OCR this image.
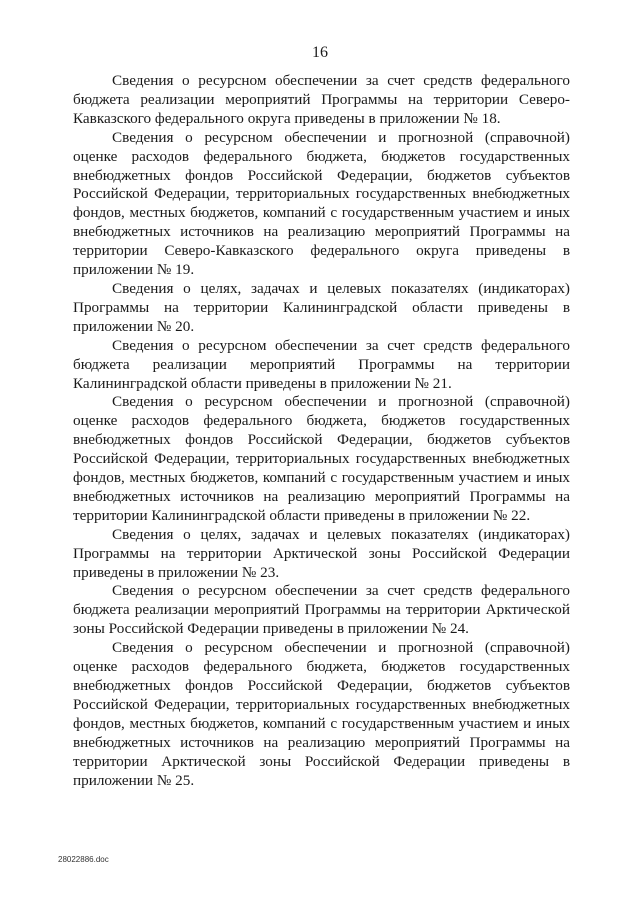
16

Сведения о ресурсном обеспечении за счет средств федерального бюджета реализации мероприятий Программы на территории Северо-Кавказского федерального округа приведены в приложении № 18.

Сведения о ресурсном обеспечении и прогнозной (справочной) оценке расходов федерального бюджета, бюджетов государственных внебюджетных фондов Российской Федерации, бюджетов субъектов Российской Федерации, территориальных государственных внебюджетных фондов, местных бюджетов, компаний с государственным участием и иных внебюджетных источников на реализацию мероприятий Программы на территории Северо-Кавказского федерального округа приведены в приложении № 19.

Сведения о целях, задачах и целевых показателях (индикаторах) Программы на территории Калининградской области приведены в приложении № 20.

Сведения о ресурсном обеспечении за счет средств федерального бюджета реализации мероприятий Программы на территории Калининградской области приведены в приложении № 21.

Сведения о ресурсном обеспечении и прогнозной (справочной) оценке расходов федерального бюджета, бюджетов государственных внебюджетных фондов Российской Федерации, бюджетов субъектов Российской Федерации, территориальных государственных внебюджетных фондов, местных бюджетов, компаний с государственным участием и иных внебюджетных источников на реализацию мероприятий Программы на территории Калининградской области приведены в приложении № 22.

Сведения о целях, задачах и целевых показателях (индикаторах) Программы на территории Арктической зоны Российской Федерации приведены в приложении № 23.

Сведения о ресурсном обеспечении за счет средств федерального бюджета реализации мероприятий Программы на территории Арктической зоны Российской Федерации приведены в приложении № 24.

Сведения о ресурсном обеспечении и прогнозной (справочной) оценке расходов федерального бюджета, бюджетов государственных внебюджетных фондов Российской Федерации, бюджетов субъектов Российской Федерации, территориальных государственных внебюджетных фондов, местных бюджетов, компаний с государственным участием и иных внебюджетных источников на реализацию мероприятий Программы на территории Арктической зоны Российской Федерации приведены в приложении № 25.

28022886.doc
